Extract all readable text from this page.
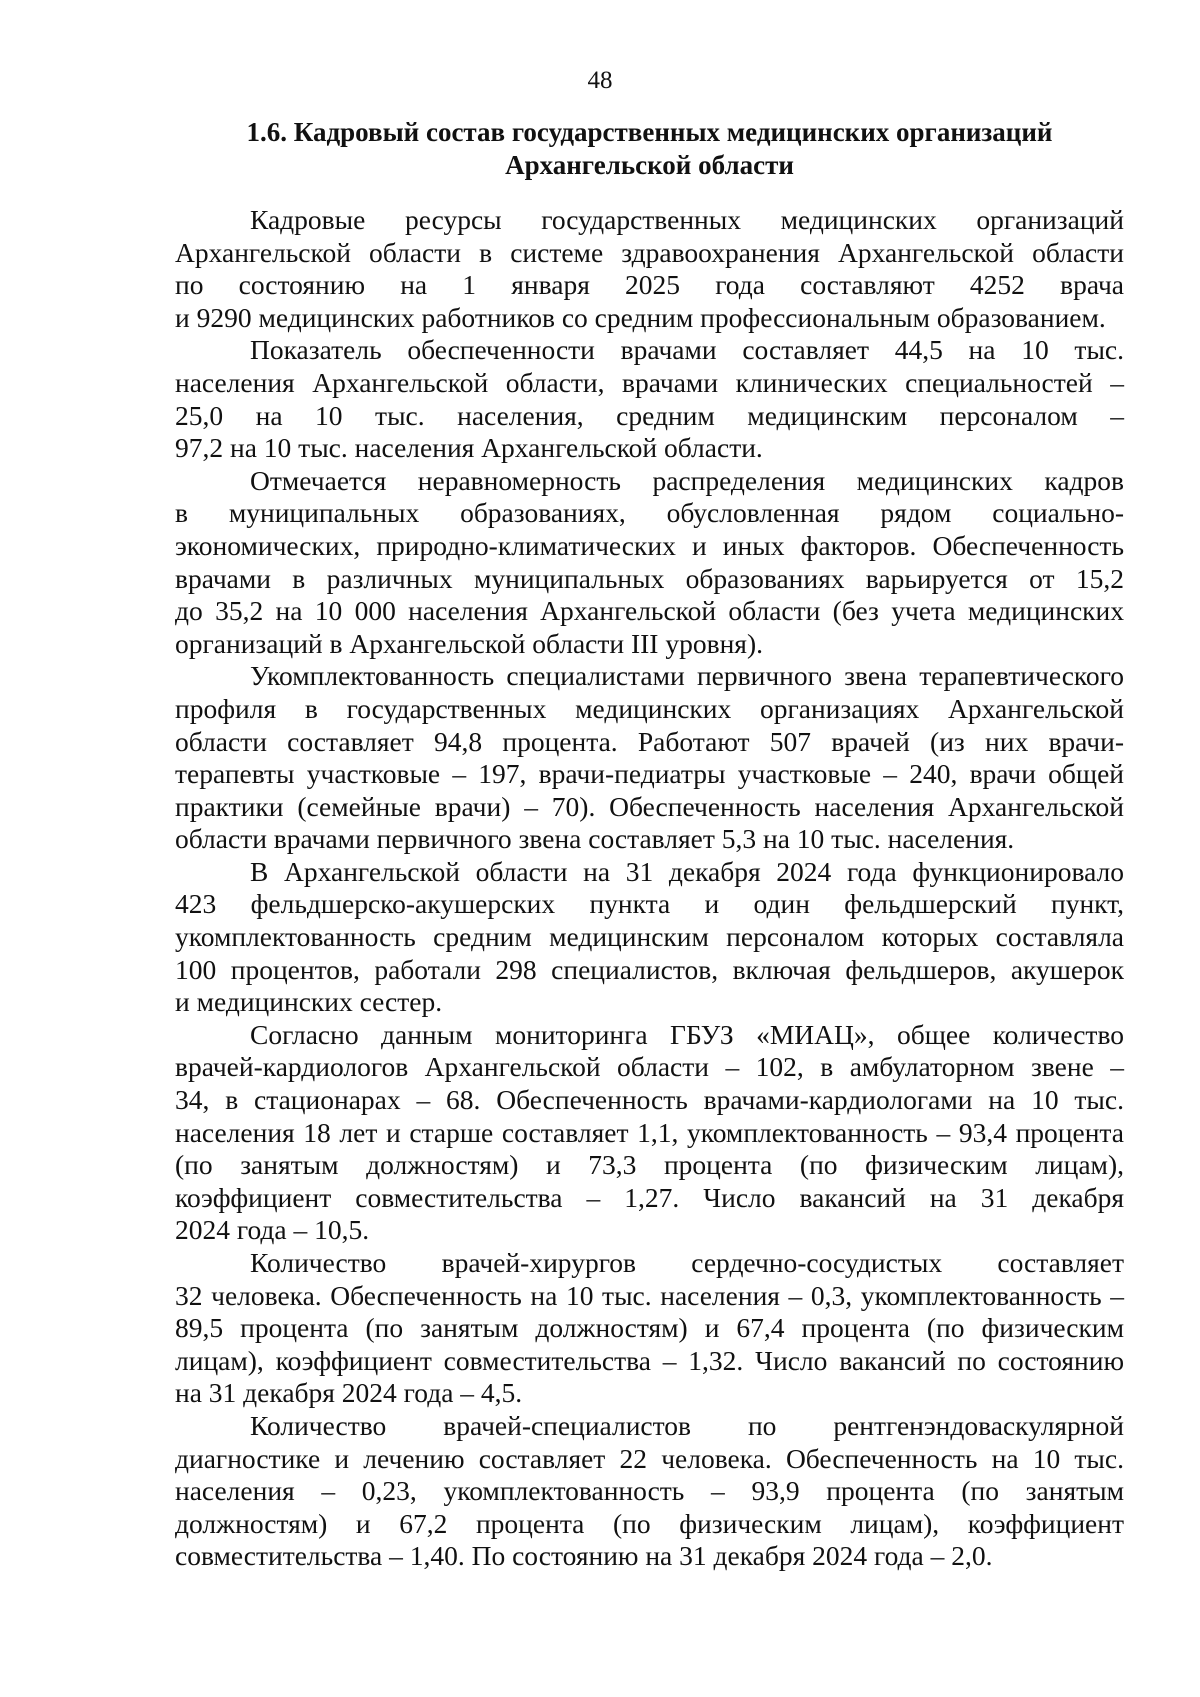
48
1.6. Кадровый состав государственных медицинских организаций
Архангельской области
Кадровые ресурсы государственных медицинских организаций
Архангельской области в системе здравоохранения Архангельской области
по состоянию на 1 января 2025 года составляют 4252 врача
и 9290 медицинских работников со средним профессиональным образованием.
Показатель обеспеченности врачами составляет 44,5 на 10 тыс.
населения Архангельской области, врачами клинических специальностей –
25,0 на 10 тыс. населения, средним медицинским персоналом –
97,2 на 10 тыс. населения Архангельской области.
Отмечается неравномерность распределения медицинских кадров
в муниципальных образованиях, обусловленная рядом социально-
экономических, природно-климатических и иных факторов. Обеспеченность
врачами в различных муниципальных образованиях варьируется от 15,2
до 35,2 на 10 000 населения Архангельской области (без учета медицинских
организаций в Архангельской области III уровня).
Укомплектованность специалистами первичного звена терапевтического
профиля в государственных медицинских организациях Архангельской
области составляет 94,8 процента. Работают 507 врачей (из них врачи-
терапевты участковые – 197, врачи-педиатры участковые – 240, врачи общей
практики (семейные врачи) – 70). Обеспеченность населения Архангельской
области врачами первичного звена составляет 5,3 на 10 тыс. населения.
В Архангельской области на 31 декабря 2024 года функционировало
423 фельдшерско-акушерских пункта и один фельдшерский пункт,
укомплектованность средним медицинским персоналом которых составляла
100 процентов, работали 298 специалистов, включая фельдшеров, акушерок
и медицинских сестер.
Согласно данным мониторинга ГБУЗ «МИАЦ», общее количество
врачей-кардиологов Архангельской области – 102, в амбулаторном звене –
34, в стационарах – 68. Обеспеченность врачами-кардиологами на 10 тыс.
населения 18 лет и старше составляет 1,1, укомплектованность – 93,4 процента
(по занятым должностям) и 73,3 процента (по физическим лицам),
коэффициент совместительства – 1,27. Число вакансий на 31 декабря
2024 года – 10,5.
Количество врачей-хирургов сердечно-сосудистых составляет
32 человека. Обеспеченность на 10 тыс. населения – 0,3, укомплектованность –
89,5 процента (по занятым должностям) и 67,4 процента (по физическим
лицам), коэффициент совместительства – 1,32. Число вакансий по состоянию
на 31 декабря 2024 года – 4,5.
Количество врачей-специалистов по рентгенэндоваскулярной
диагностике и лечению составляет 22 человека. Обеспеченность на 10 тыс.
населения – 0,23, укомплектованность – 93,9 процента (по занятым
должностям) и 67,2 процента (по физическим лицам), коэффициент
совместительства – 1,40. По состоянию на 31 декабря 2024 года – 2,0.
